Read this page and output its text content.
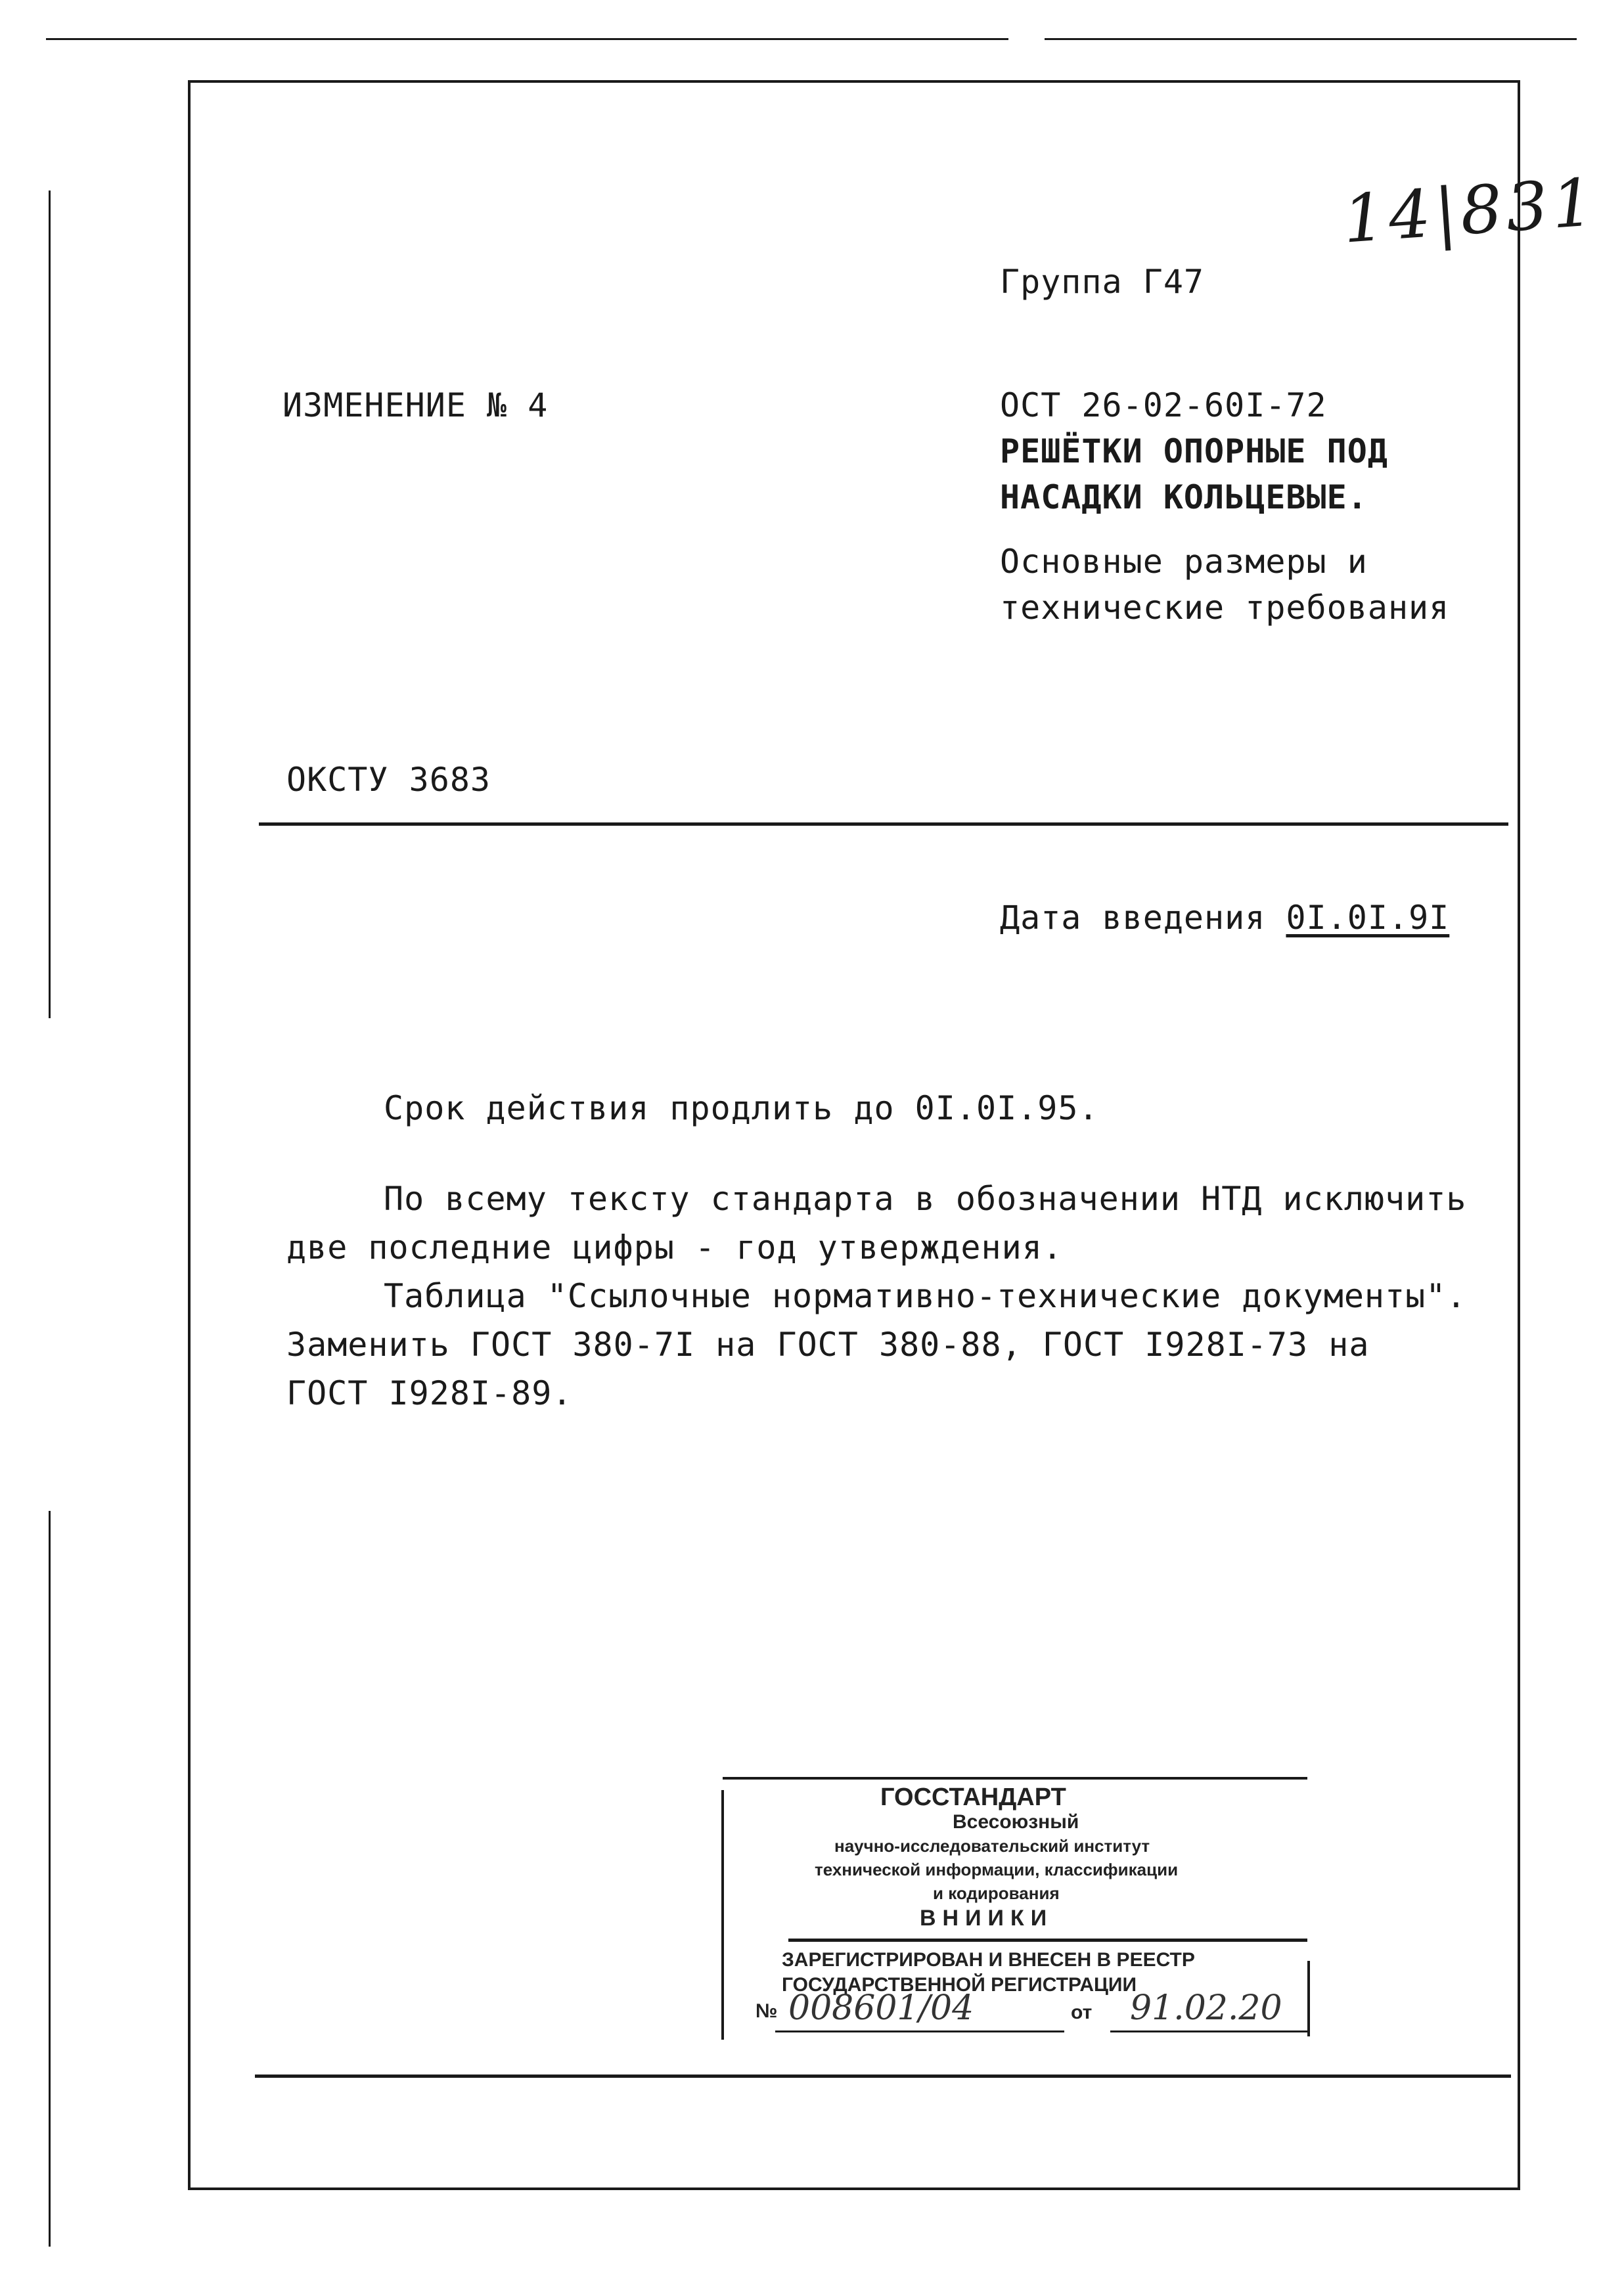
14|831
Группа Г47
ИЗМЕНЕНИЕ № 4	ОСТ 26-02-60I-72
РЕШЁТКИ ОПОРНЫЕ ПОД
НАСАДКИ КОЛЬЦЕВЫЕ.
Основные размеры и
технические требования
ОКСТУ 3683
Дата введения 0I.0I.9I
Срок действия продлить до 0I.0I.95.
По всему тексту стандарта в обозначении НТД исключить
две последние цифры - год утверждения.
Таблица "Ссылочные нормативно-технические документы".
Заменить ГОСТ 380-7I на ГОСТ 380-88, ГОСТ I928I-73 на
ГОСТ I928I-89.
ГОССТАНДАРТ
Всесоюзный
научно-исследовательский институт
технической информации, классификации
и кодирования
ВНИИКИ
ЗАРЕГИСТРИРОВАН И ВНЕСЕН В РЕЕСТР
ГОСУДАРСТВЕННОЙ РЕГИСТРАЦИИ
№ 008601/04	от 91.02.20
